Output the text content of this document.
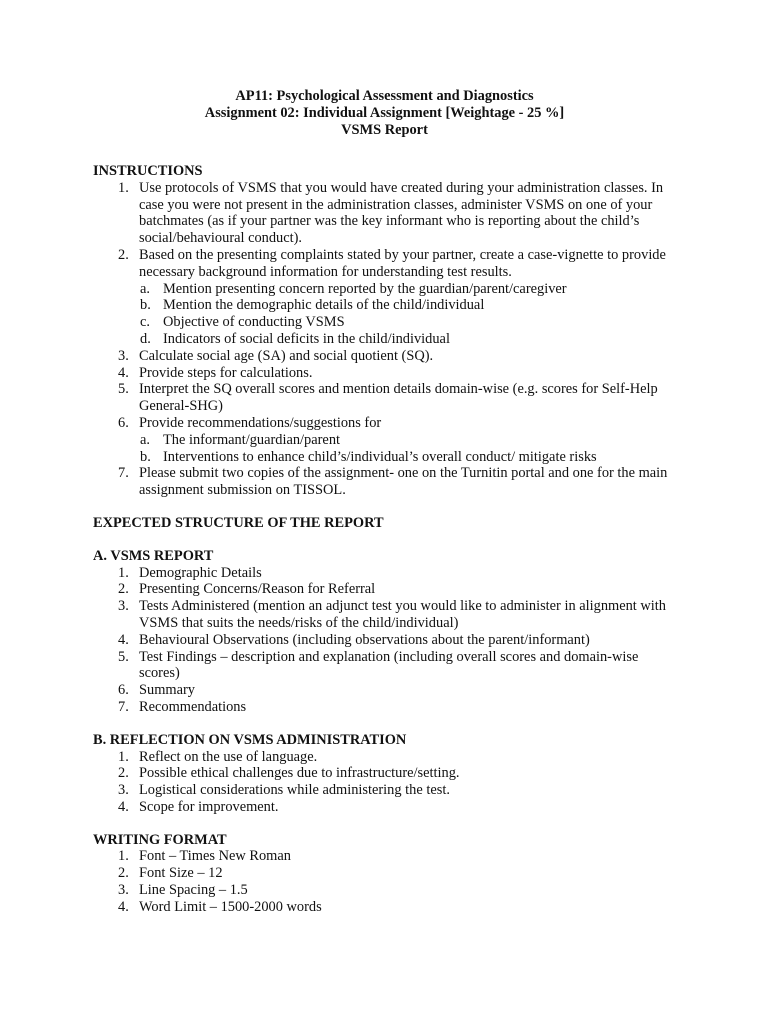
AP11: Psychological Assessment and Diagnostics
Assignment 02: Individual Assignment [Weightage - 25 %]
VSMS Report
INSTRUCTIONS
1. Use protocols of VSMS that you would have created during your administration classes. In case you were not present in the administration classes, administer VSMS on one of your batchmates (as if your partner was the key informant who is reporting about the child’s social/behavioural conduct).
2. Based on the presenting complaints stated by your partner, create a case-vignette to provide necessary background information for understanding test results.
a. Mention presenting concern reported by the guardian/parent/caregiver
b. Mention the demographic details of the child/individual
c. Objective of conducting VSMS
d. Indicators of social deficits in the child/individual
3. Calculate social age (SA) and social quotient (SQ).
4. Provide steps for calculations.
5. Interpret the SQ overall scores and mention details domain-wise (e.g. scores for Self-Help General-SHG)
6. Provide recommendations/suggestions for
a. The informant/guardian/parent
b. Interventions to enhance child’s/individual’s overall conduct/ mitigate risks
7. Please submit two copies of the assignment- one on the Turnitin portal and one for the main assignment submission on TISSOL.
EXPECTED STRUCTURE OF THE REPORT
A. VSMS REPORT
1. Demographic Details
2. Presenting Concerns/Reason for Referral
3. Tests Administered (mention an adjunct test you would like to administer in alignment with VSMS that suits the needs/risks of the child/individual)
4. Behavioural Observations (including observations about the parent/informant)
5. Test Findings – description and explanation (including overall scores and domain-wise scores)
6. Summary
7. Recommendations
B. REFLECTION ON VSMS ADMINISTRATION
1. Reflect on the use of language.
2. Possible ethical challenges due to infrastructure/setting.
3. Logistical considerations while administering the test.
4. Scope for improvement.
WRITING FORMAT
1. Font – Times New Roman
2. Font Size – 12
3. Line Spacing – 1.5
4. Word Limit – 1500-2000 words
